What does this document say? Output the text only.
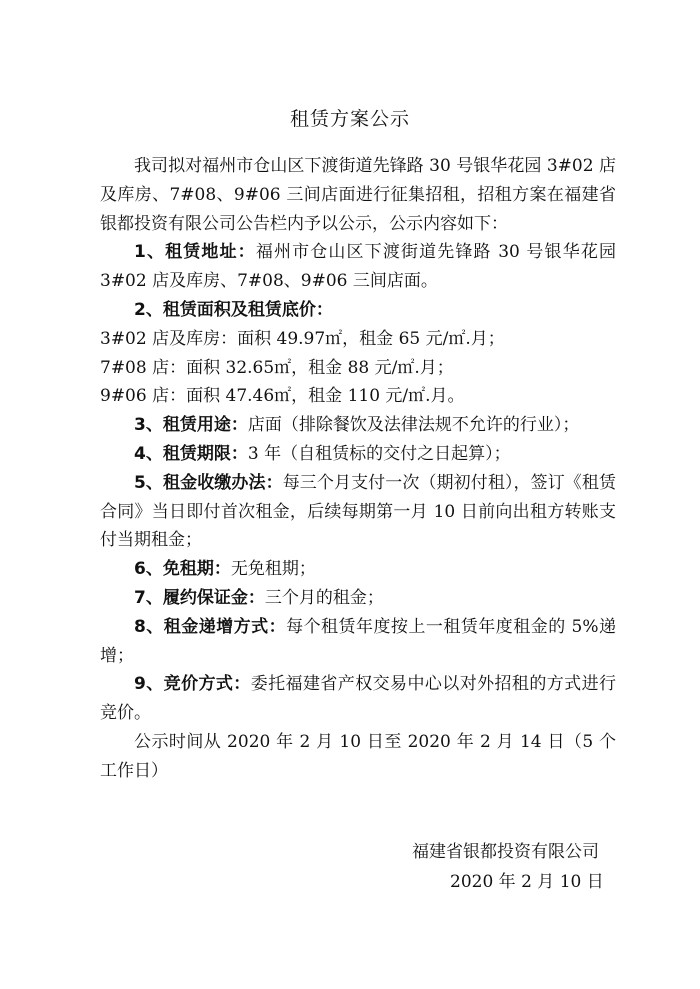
租赁方案公示

我司拟对福州市仓山区下渡街道先锋路 30 号银华花园 3#02 店及库房、7#08、9#06 三间店面进行征集招租，招租方案在福建省银都投资有限公司公告栏内予以公示，公示内容如下：

1、租赁地址：福州市仓山区下渡街道先锋路 30 号银华花园 3#02 店及库房、7#08、9#06 三间店面。

2、租赁面积及租赁底价：

3#02 店及库房：面积 49.97㎡，租金 65 元/㎡.月；

7#08 店：面积 32.65㎡，租金 88 元/㎡.月；

9#06 店：面积 47.46㎡，租金 110 元/㎡.月。

3、租赁用途：店面（排除餐饮及法律法规不允许的行业）；

4、租赁期限：3 年（自租赁标的交付之日起算）；

5、租金收缴办法：每三个月支付一次（期初付租），签订《租赁合同》当日即付首次租金，后续每期第一月 10 日前向出租方转账支付当期租金；

6、免租期：无免租期；

7、履约保证金：三个月的租金；

8、租金递增方式：每个租赁年度按上一租赁年度租金的 5%递增；

9、竞价方式：委托福建省产权交易中心以对外招租的方式进行竞价。

公示时间从 2020 年 2 月 10 日至 2020 年 2 月 14 日（5 个工作日）

福建省银都投资有限公司
2020 年 2 月 10 日
